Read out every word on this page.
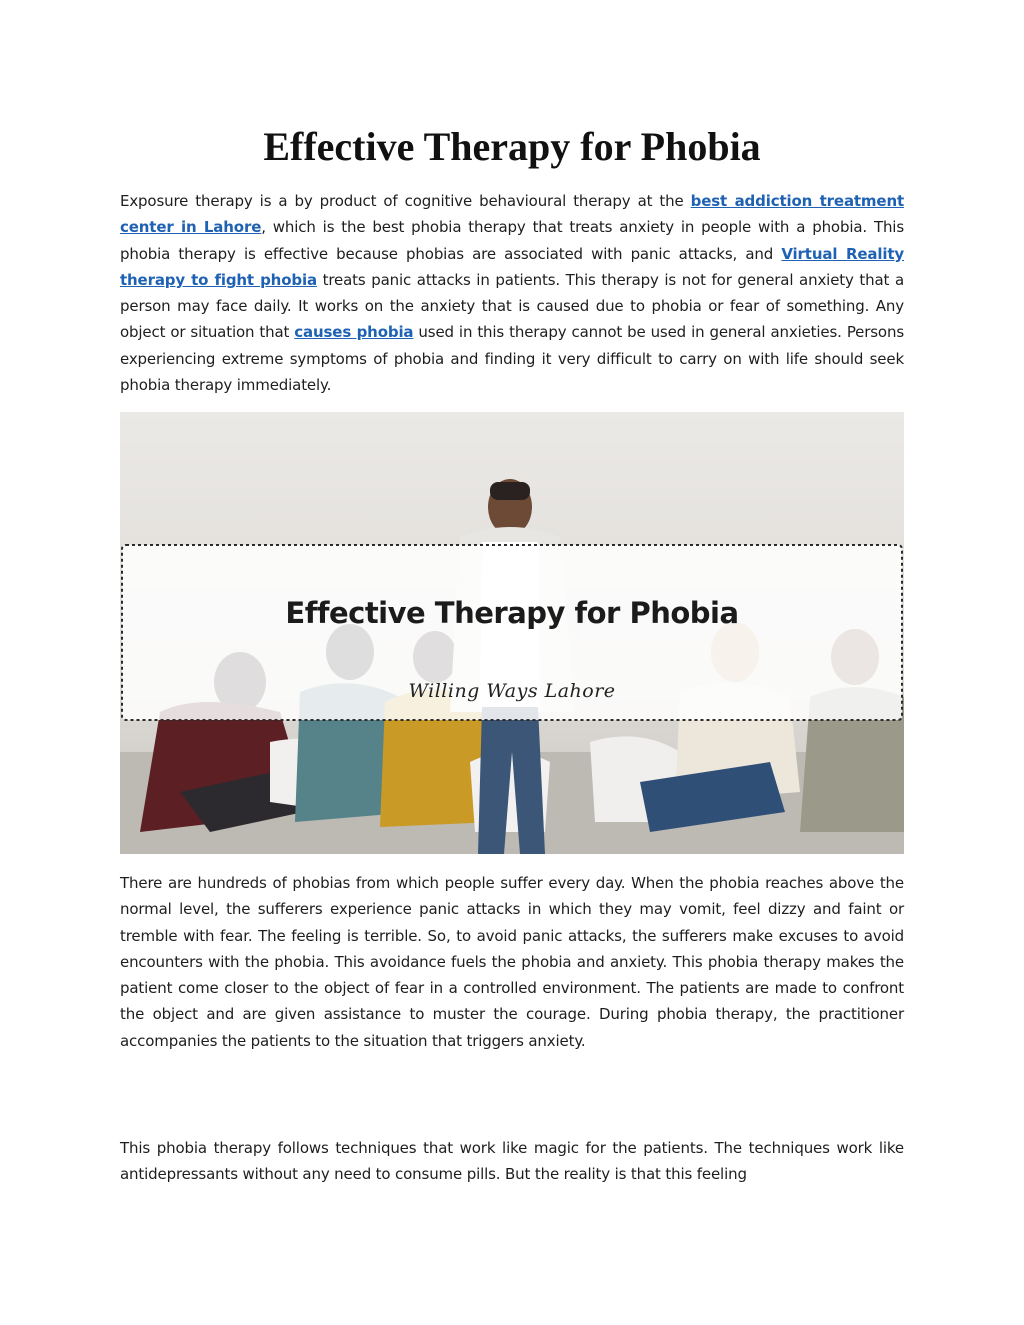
Effective Therapy for Phobia

Exposure therapy is a by product of cognitive behavioural therapy at the best addiction treatment center in Lahore, which is the best phobia therapy that treats anxiety in people with a phobia. This phobia therapy is effective because phobias are associated with panic attacks, and Virtual Reality therapy to fight phobia treats panic attacks in patients. This therapy is not for general anxiety that a person may face daily. It works on the anxiety that is caused due to phobia or fear of something. Any object or situation that causes phobia used in this therapy cannot be used in general anxieties. Persons experiencing extreme symptoms of phobia and finding it very difficult to carry on with life should seek phobia therapy immediately.

Effective Therapy for Phobia
Willing Ways Lahore

There are hundreds of phobias from which people suffer every day. When the phobia reaches above the normal level, the sufferers experience panic attacks in which they may vomit, feel dizzy and faint or tremble with fear. The feeling is terrible. So, to avoid panic attacks, the sufferers make excuses to avoid encounters with the phobia. This avoidance fuels the phobia and anxiety. This phobia therapy makes the patient come closer to the object of fear in a controlled environment. The patients are made to confront the object and are given assistance to muster the courage. During phobia therapy, the practitioner accompanies the patients to the situation that triggers anxiety.

This phobia therapy follows techniques that work like magic for the patients. The techniques work like antidepressants without any need to consume pills. But the reality is that this feeling
